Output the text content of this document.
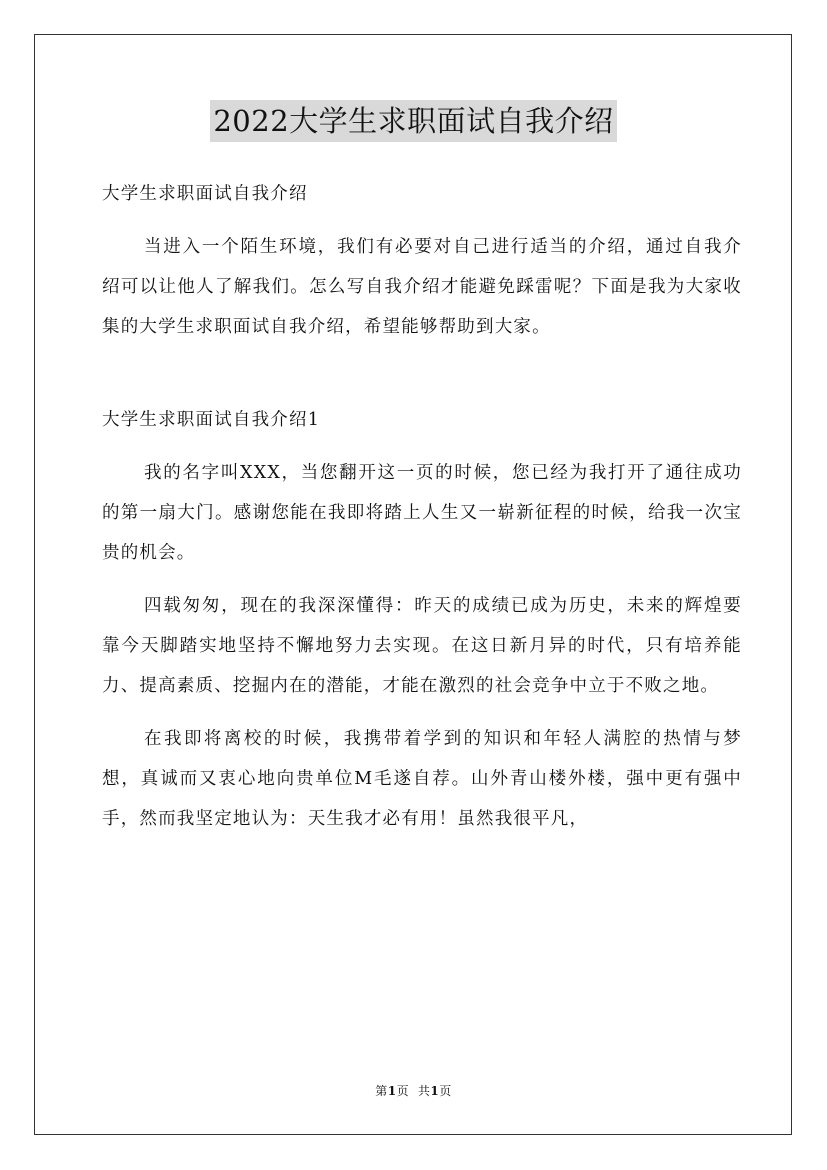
2022大学生求职面试自我介绍

大学生求职面试自我介绍

当进入一个陌生环境，我们有必要对自己进行适当的介绍，通过自我介绍可以让他人了解我们。怎么写自我介绍才能避免踩雷呢？下面是我为大家收集的大学生求职面试自我介绍，希望能够帮助到大家。

大学生求职面试自我介绍1

我的名字叫XXX，当您翻开这一页的时候，您已经为我打开了通往成功的第一扇大门。感谢您能在我即将踏上人生又一崭新征程的时候，给我一次宝贵的机会。

四载匆匆，现在的我深深懂得：昨天的成绩已成为历史，未来的辉煌要靠今天脚踏实地坚持不懈地努力去实现。在这日新月异的时代，只有培养能力、提高素质、挖掘内在的潜能，才能在激烈的社会竞争中立于不败之地。

在我即将离校的时候，我携带着学到的知识和年轻人满腔的热情与梦想，真诚而又衷心地向贵单位M毛遂自荐。山外青山楼外楼，强中更有强中手，然而我坚定地认为：天生我才必有用！虽然我很平凡，

第1页 共1页
